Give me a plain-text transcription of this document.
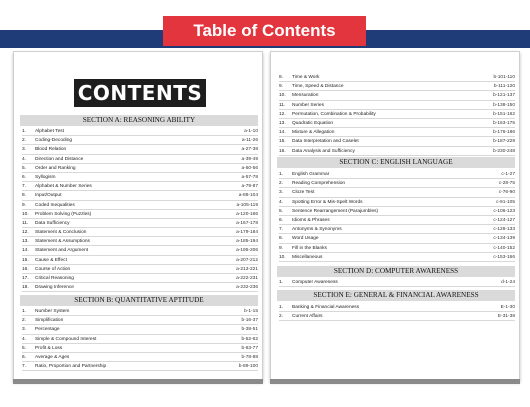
Table of Contents
CONTENTS
SECTION A: REASONING ABILITY
1.	Alphabet Test	a-1-10
2.	Coding-Decoding	a-11-26
3.	Blood Relation	a-27-38
4.	Direction and Distance	a-39-49
5.	Order and Ranking	a-50-56
6.	Syllogism	a-57-78
7.	Alphabet & Number Series	a-79-87
8.	Input/Output	a-88-104
9.	Coded Inequalities	a-105-119
10.	Problem Solving (Puzzles)	a-120-166
11.	Data Sufficiency	a-167-178
12.	Statement & Conclusion	a-179-184
13.	Statement & Assumptions	a-185-194
14.	Statement and Argument	a-195-206
15.	Cause & Effect	a-207-212
16.	Course of Action	a-213-221
17.	Critical Reasoning	a-222-231
18.	Drawing Inference	a-232-236
SECTION B: QUANTITATIVE APTITUDE
1.	Number System	b-1-15
2.	Simplification	b-16-37
3.	Percentage	b-38-51
4.	Simple & Compound Interest	b-52-62
5.	Profit & Loss	b-63-77
6.	Average & Ages	b-78-88
7.	Ratio, Proportion and Partnership	b-89-100
8.	Time & Work	b-101-110
9.	Time, Speed & Distance	b-111-120
10.	Mensuration	b-121-137
11.	Number Series	b-138-150
12.	Permutation, Combination & Probability	b-151-162
13.	Quadratic Equation	b-163-175
14.	Mixture & Allegation	b-176-186
15.	Data Interpretation and Caselet	b-187-229
16.	Data Analysis and Sufficiency	b-230-248
SECTION C: ENGLISH LANGUAGE
1.	English Grammar	c-1-27
2.	Reading Comprehension	c-28-75
3.	Cloze Test	c-76-90
4.	Spotting Error & Mis-Spelt Words	c-91-105
5.	Sentence Rearrangement (Parajumbles)	c-106-123
6.	Idioms & Phrases	c-124-127
7.	Antonyms & Synonyms	c-128-133
8.	Word Usage	c-134-139
9.	Fill in the Blanks	c-140-152
10.	Miscellaneous	c-153-166
SECTION D: COMPUTER AWARENESS
1.	Computer Awareness	d-1-24
SECTION E: GENERAL & FINANCIAL AWARENESS
1.	Banking & Financial Awareness	E-1-30
2.	Current Affairs	E-31-38
